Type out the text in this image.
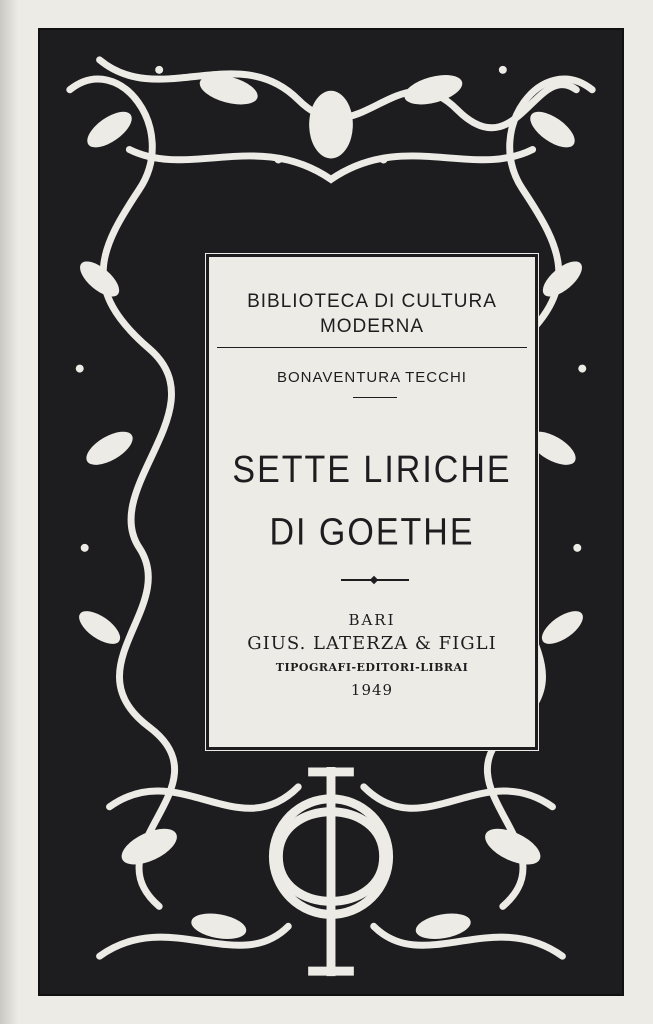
BIBLIOTECA DI CULTURA
MODERNA
BONAVENTURA TECCHI
SETTE LIRICHE
DI GOETHE
BARI
GIUS. LATERZA & FIGLI
TIPOGRAFI-EDITORI-LIBRAI
1949
